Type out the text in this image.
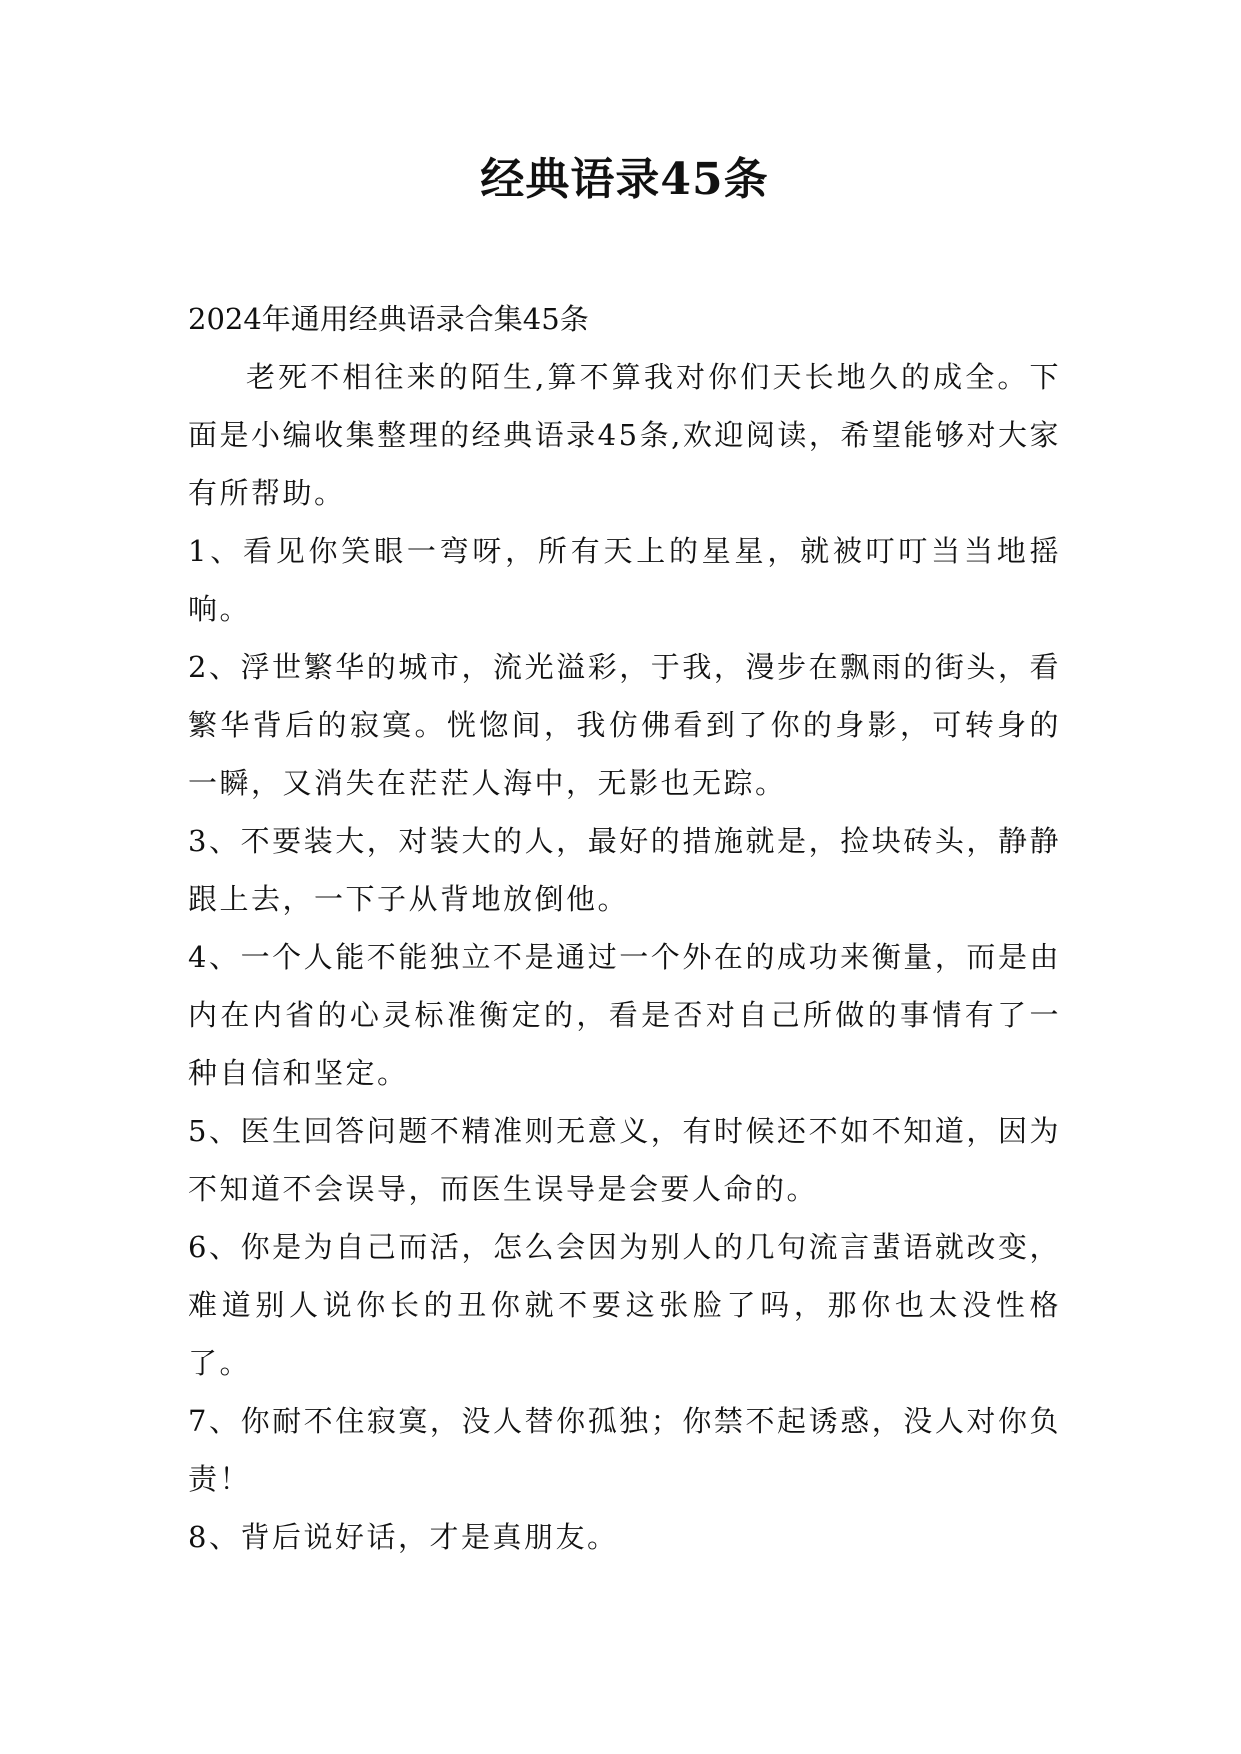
经典语录45条

2024年通用经典语录合集45条

老死不相往来的陌生,算不算我对你们天长地久的成全。下面是小编收集整理的经典语录45条,欢迎阅读，希望能够对大家有所帮助。

1、看见你笑眼一弯呀，所有天上的星星，就被叮叮当当地摇响。

2、浮世繁华的城市，流光溢彩，于我，漫步在飘雨的街头，看繁华背后的寂寞。恍惚间，我仿佛看到了你的身影，可转身的一瞬，又消失在茫茫人海中，无影也无踪。

3、不要装大，对装大的人，最好的措施就是，捡块砖头，静静跟上去，一下子从背地放倒他。

4、一个人能不能独立不是通过一个外在的成功来衡量，而是由内在内省的心灵标准衡定的，看是否对自己所做的事情有了一种自信和坚定。

5、医生回答问题不精准则无意义，有时候还不如不知道，因为不知道不会误导，而医生误导是会要人命的。

6、你是为自己而活，怎么会因为别人的几句流言蜚语就改变，难道别人说你长的丑你就不要这张脸了吗，那你也太没性格了。

7、你耐不住寂寞，没人替你孤独；你禁不起诱惑，没人对你负责！

8、背后说好话，才是真朋友。
